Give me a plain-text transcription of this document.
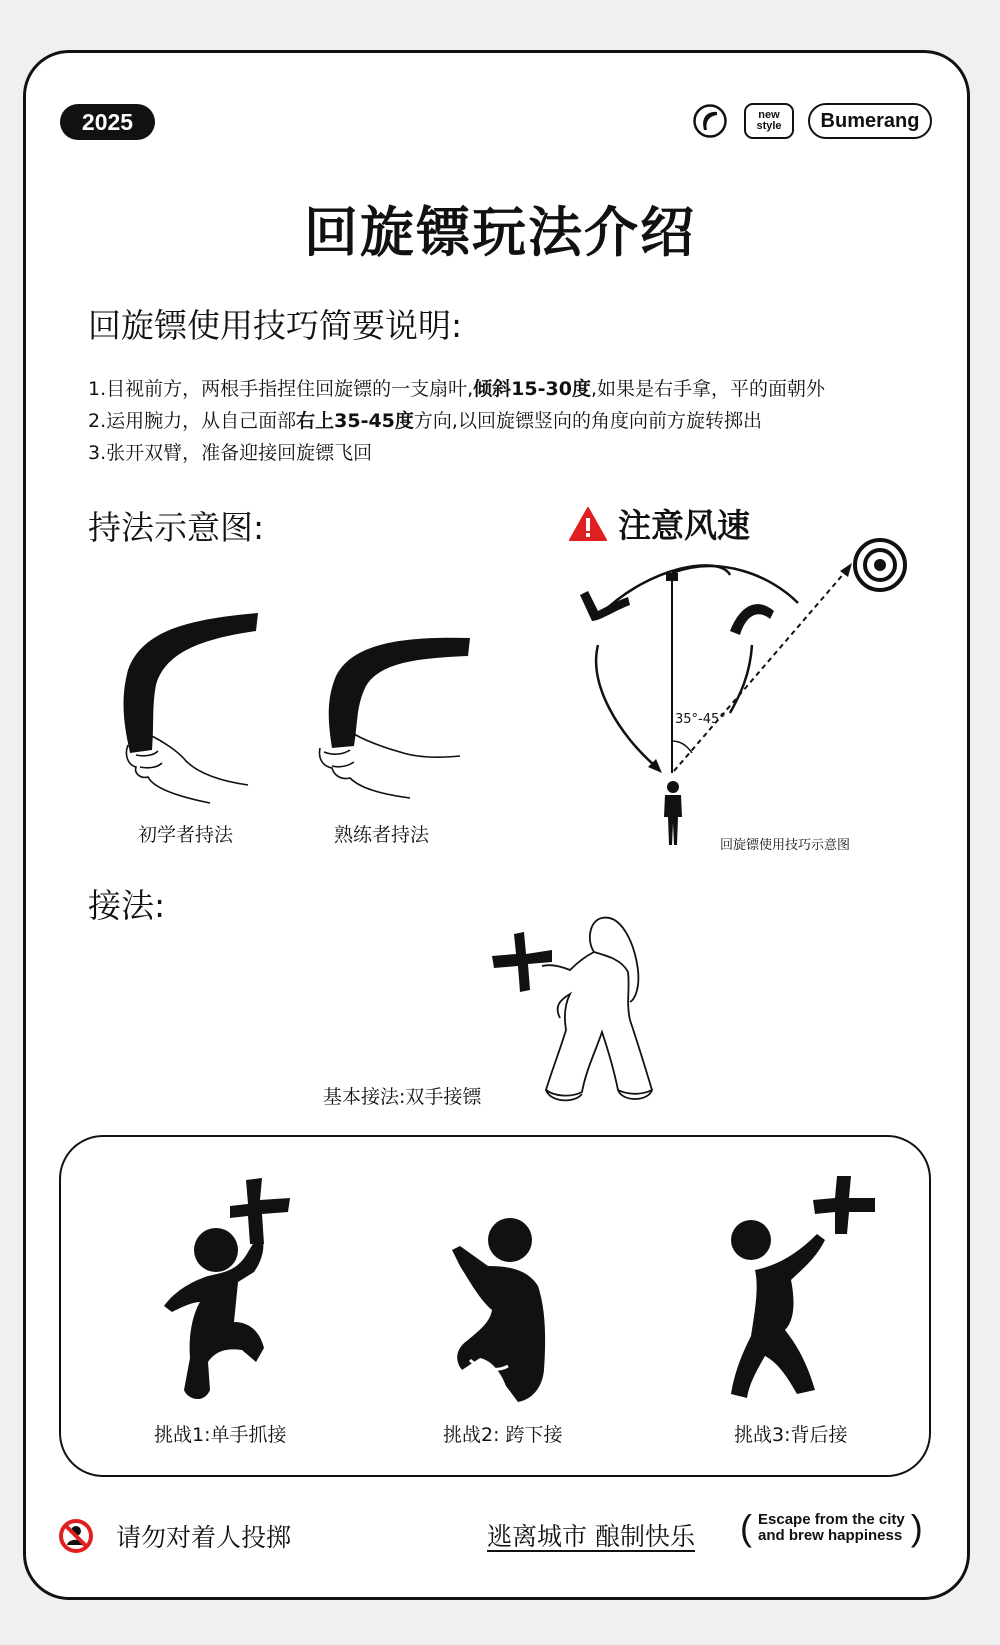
2025	new
style	Bumerang
回旋镖玩法介绍
回旋镖使用技巧简要说明:
1.目视前方，两根手指捏住回旋镖的一支扇叶,倾斜15-30度,如果是右手拿，平的面朝外
2.运用腕力，从自己面部右上35-45度方向,以回旋镖竖向的角度向前方旋转掷出
3.张开双臂，准备迎接回旋镖飞回
持法示意图:
初学者持法	熟练者持法
注意风速
35°-45°
回旋镖使用技巧示意图
接法:
基本接法:双手接镖
挑战1:单手抓接	挑战2: 跨下接	挑战3:背后接
请勿对着人投掷	逃离城市 酿制快乐 ( Escape from the city
and brew happiness )
